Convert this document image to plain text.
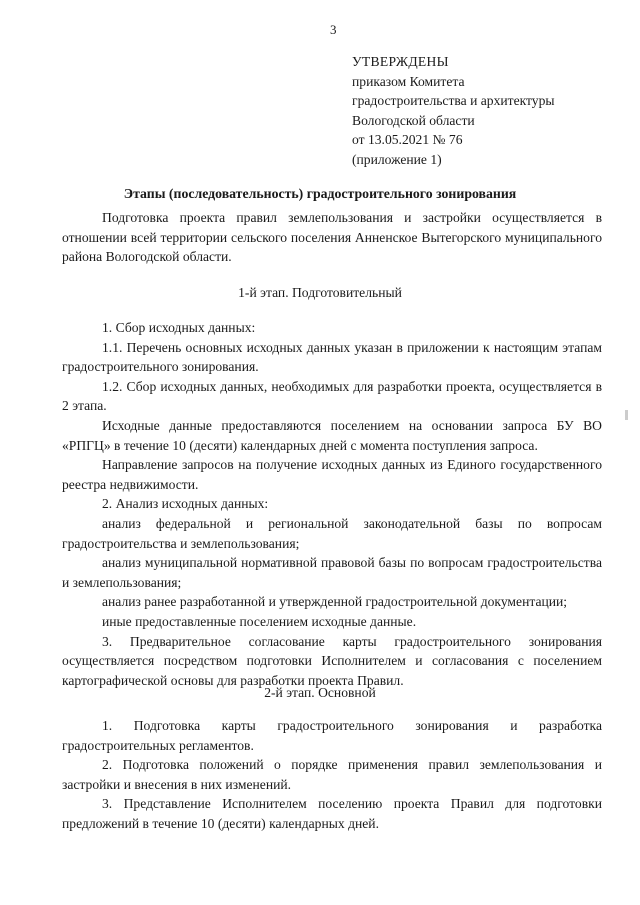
3
УТВЕРЖДЕНЫ
приказом Комитета
градостроительства и архитектуры
Вологодской области
от 13.05.2021 № 76
(приложение 1)
Этапы (последовательность) градостроительного зонирования

Подготовка проекта правил землепользования и застройки осуществляется в отношении всей территории сельского поселения Анненское Вытегорского муниципального района Вологодской области.

1-й этап. Подготовительный

1. Сбор исходных данных:

1.1. Перечень основных исходных данных указан в приложении к настоящим этапам градостроительного зонирования.

1.2. Сбор исходных данных, необходимых для разработки проекта, осуществляется в 2 этапа.

Исходные данные предоставляются поселением на основании запроса БУ ВО «РПГЦ» в течение 10 (десяти) календарных дней с момента поступления запроса.

Направление запросов на получение исходных данных из Единого государственного реестра недвижимости.

2. Анализ исходных данных:

анализ федеральной и региональной законодательной базы по вопросам градостроительства и землепользования;

анализ муниципальной нормативной правовой базы по вопросам градостроительства и землепользования;

анализ ранее разработанной и утвержденной градостроительной документации;

иные предоставленные поселением исходные данные.

3. Предварительное согласование карты градостроительного зонирования осуществляется посредством подготовки Исполнителем и согласования с поселением картографической основы для разработки проекта Правил.

2-й этап. Основной

1. Подготовка карты градостроительного зонирования и разработка градостроительных регламентов.

2. Подготовка положений о порядке применения правил землепользования и застройки и внесения в них изменений.

3. Представление Исполнителем поселению проекта Правил для подготовки предложений в течение 10 (десяти) календарных дней.
